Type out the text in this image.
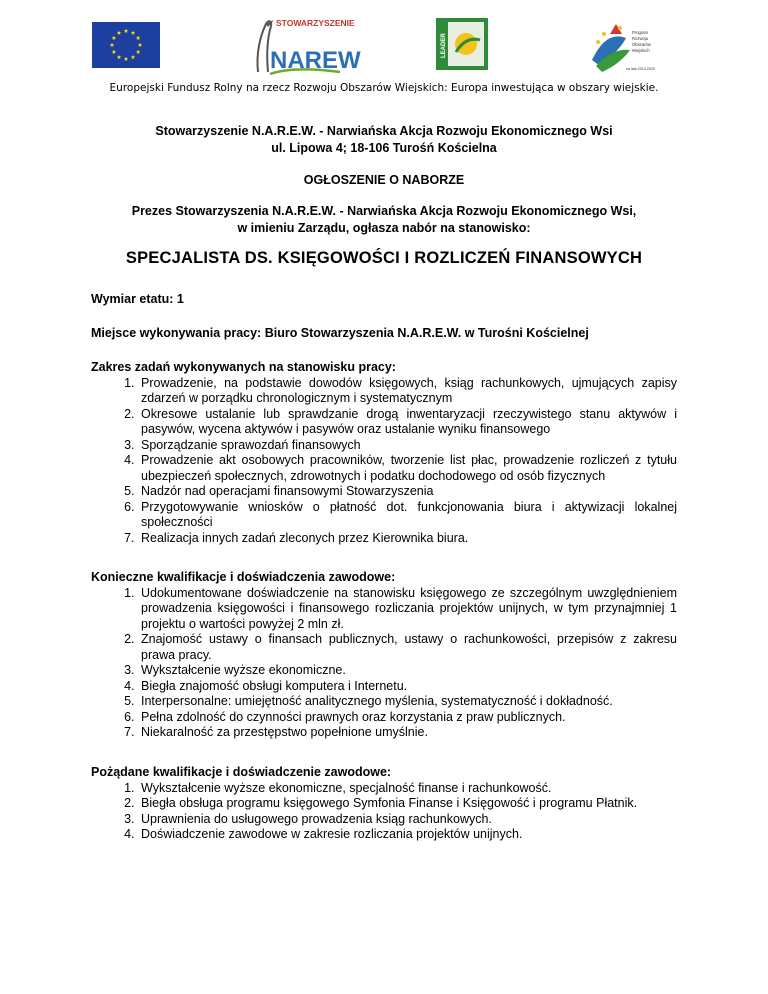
STOWARZYSZENIE
NAREW
LEADER
Program
Rozwoju
Obszarów
Wiejskich
na lata 2014-2020
Europejski Fundusz Rolny na rzecz Rozwoju Obszarów Wiejskich: Europa inwestująca w obszary wiejskie.
Stowarzyszenie N.A.R.E.W. - Narwiańska Akcja Rozwoju Ekonomicznego Wsi
ul. Lipowa 4; 18-106 Turośń Kościelna
OGŁOSZENIE O NABORZE
Prezes Stowarzyszenia N.A.R.E.W. - Narwiańska Akcja Rozwoju Ekonomicznego Wsi,
w imieniu Zarządu, ogłasza nabór na stanowisko:
SPECJALISTA DS. KSIĘGOWOŚCI I ROZLICZEŃ FINANSOWYCH
Wymiar etatu: 1
Miejsce wykonywania pracy: Biuro Stowarzyszenia N.A.R.E.W. w Turośni Kościelnej
Zakres zadań wykonywanych na stanowisku pracy:
1. Prowadzenie, na podstawie dowodów księgowych, ksiąg rachunkowych, ujmujących zapisy zdarzeń w porządku chronologicznym i systematycznym
2. Okresowe ustalanie lub sprawdzanie drogą inwentaryzacji rzeczywistego stanu aktywów i pasywów, wycena aktywów i pasywów oraz ustalanie wyniku finansowego
3. Sporządzanie sprawozdań finansowych
4. Prowadzenie akt osobowych pracowników, tworzenie list płac, prowadzenie rozliczeń z tytułu ubezpieczeń społecznych, zdrowotnych i podatku dochodowego od osób fizycznych
5. Nadzór nad operacjami finansowymi Stowarzyszenia
6. Przygotowywanie wniosków o płatność dot. funkcjonowania biura i aktywizacji lokalnej społeczności
7. Realizacja innych zadań zleconych przez Kierownika biura.
Konieczne kwalifikacje i doświadczenia zawodowe:
1. Udokumentowane doświadczenie na stanowisku księgowego ze szczególnym uwzględnieniem prowadzenia księgowości i finansowego rozliczania projektów unijnych, w tym przynajmniej 1 projektu o wartości powyżej 2 mln zł.
2. Znajomość ustawy o finansach publicznych, ustawy o rachunkowości, przepisów z zakresu prawa pracy.
3. Wykształcenie wyższe ekonomiczne.
4. Biegła znajomość obsługi komputera i Internetu.
5. Interpersonalne: umiejętność analitycznego myślenia, systematyczność i dokładność.
6. Pełna zdolność do czynności prawnych oraz korzystania z praw publicznych.
7. Niekaralność za przestępstwo popełnione umyślnie.
Pożądane kwalifikacje i doświadczenie zawodowe:
1. Wykształcenie wyższe ekonomiczne, specjalność finanse i rachunkowość.
2. Biegła obsługa programu księgowego Symfonia Finanse i Księgowość i programu Płatnik.
3. Uprawnienia do usługowego prowadzenia ksiąg rachunkowych.
4. Doświadczenie zawodowe w zakresie rozliczania projektów unijnych.
